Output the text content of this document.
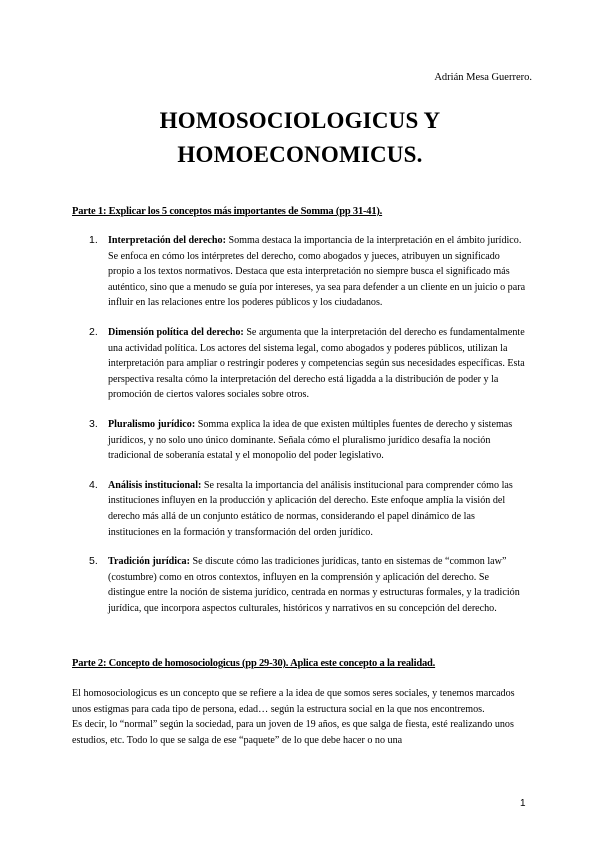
Adrián Mesa Guerrero.
HOMOSOCIOLOGICUS Y
HOMOECONOMICUS.
Parte 1: Explicar los 5 conceptos más importantes de Somma (pp 31-41).
1. Interpretación del derecho: Somma destaca la importancia de la interpretación en el ámbito jurídico. Se enfoca en cómo los intérpretes del derecho, como abogados y jueces, atribuyen un significado propio a los textos normativos. Destaca que esta interpretación no siempre busca el significado más auténtico, sino que a menudo se guía por intereses, ya sea para defender a un cliente en un juicio o para influir en las relaciones entre los poderes públicos y los ciudadanos.
2. Dimensión política del derecho: Se argumenta que la interpretación del derecho es fundamentalmente una actividad política. Los actores del sistema legal, como abogados y poderes públicos, utilizan la interpretación para ampliar o restringir poderes y competencias según sus necesidades específicas. Esta perspectiva resalta cómo la interpretación del derecho está ligadda a la distribución de poder y la promoción de ciertos valores sociales sobre otros.
3. Pluralismo jurídico: Somma explica la idea de que existen múltiples fuentes de derecho y sistemas jurídicos, y no solo uno único dominante. Señala cómo el pluralismo jurídico desafía la noción tradicional de soberanía estatal y el monopolio del poder legislativo.
4. Análisis institucional: Se resalta la importancia del análisis institucional para comprender cómo las instituciones influyen en la producción y aplicación del derecho. Este enfoque amplía la visión del derecho más allá de un conjunto estático de normas, considerando el papel dinámico de las instituciones en la formación y transformación del orden jurídico.
5. Tradición jurídica: Se discute cómo las tradiciones jurídicas, tanto en sistemas de “common law” (costumbre) como en otros contextos, influyen en la comprensión y aplicación del derecho. Se distingue entre la noción de sistema jurídico, centrada en normas y estructuras formales, y la tradición jurídica, que incorpora aspectos culturales, históricos y narrativos en su concepción del derecho.
Parte 2: Concepto de homosociologicus (pp 29-30). Aplica este concepto a la realidad.

El homosociologicus es un concepto que se refiere a la idea de que somos seres sociales, y tenemos marcados unos estigmas para cada tipo de persona, edad… según la estructura social en la que nos encontremos.

Es decir, lo “normal” según la sociedad, para un joven de 19 años, es que salga de fiesta, esté realizando unos estudios, etc. Todo lo que se salga de ese “paquete” de lo que debe hacer o no una

1
